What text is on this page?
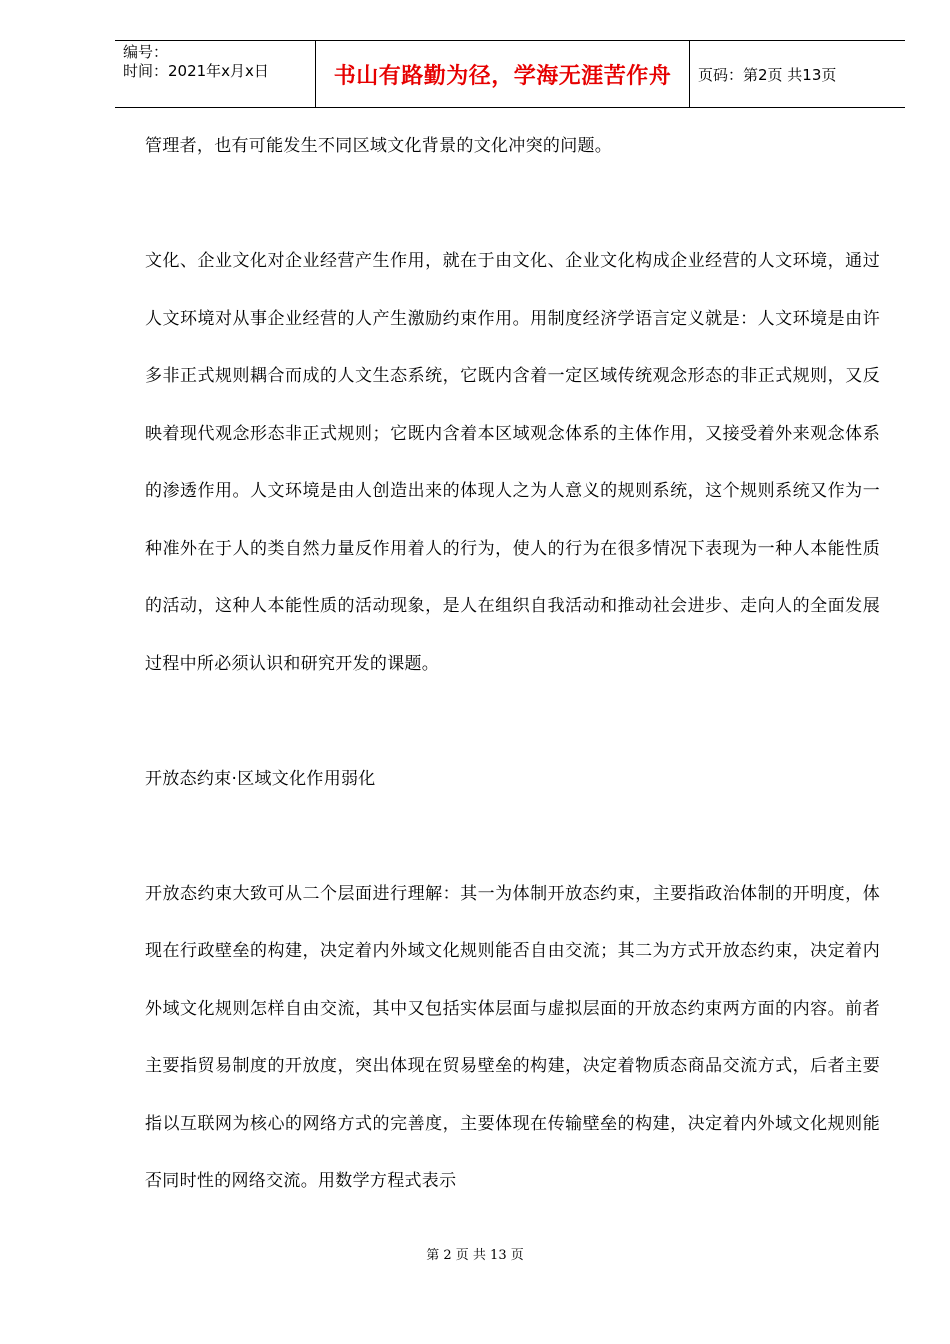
编号：
时间：2021年x月x日	书山有路勤为径，学海无涯苦作舟	页码：第2页 共13页

管理者，也有可能发生不同区域文化背景的文化冲突的问题。

文化、企业文化对企业经营产生作用，就在于由文化、企业文化构成企业经营的人文环境，通过人文环境对从事企业经营的人产生激励约束作用。用制度经济学语言定义就是：人文环境是由许多非正式规则耦合而成的人文生态系统，它既内含着一定区域传统观念形态的非正式规则，又反映着现代观念形态非正式规则；它既内含着本区域观念体系的主体作用，又接受着外来观念体系的渗透作用。人文环境是由人创造出来的体现人之为人意义的规则系统，这个规则系统又作为一种准外在于人的类自然力量反作用着人的行为，使人的行为在很多情况下表现为一种人本能性质的活动，这种人本能性质的活动现象，是人在组织自我活动和推动社会进步、走向人的全面发展过程中所必须认识和研究开发的课题。

开放态约束·区域文化作用弱化

开放态约束大致可从二个层面进行理解：其一为体制开放态约束，主要指政治体制的开明度，体现在行政壁垒的构建，决定着内外域文化规则能否自由交流；其二为方式开放态约束，决定着内外域文化规则怎样自由交流，其中又包括实体层面与虚拟层面的开放态约束两方面的内容。前者主要指贸易制度的开放度，突出体现在贸易壁垒的构建，决定着物质态商品交流方式，后者主要指以互联网为核心的网络方式的完善度，主要体现在传输壁垒的构建，决定着内外域文化规则能否同时性的网络交流。用数学方程式表示

第 2 页 共 13 页
